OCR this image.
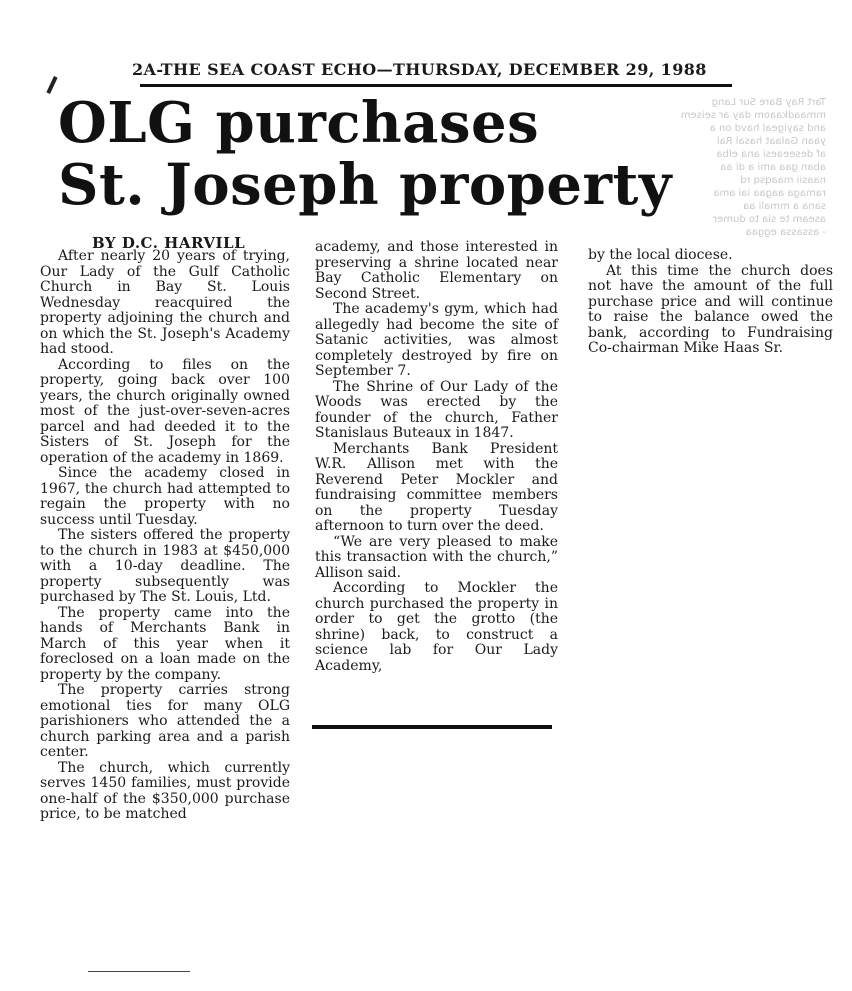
2A-THE SEA COAST ECHO—THURSDAY, DECEMBER 29, 1988
Tart Ray Bare Sur Lang
mmaadkaaom day ar seisem
and sayigeal havd on a
yaan Galaat hasal Ral
af deseeaesi ana elba
aban gaa ami a di aa
naasii maaqsq rd
ramaga aagaa iai ama
sana a mmali aa
aseam te sia to dumer
- assassa eggaa
OLG purchases
St. Joseph property
BY D.C. HARVILL

After nearly 20 years of trying, Our Lady of the Gulf Catholic Church in Bay St. Louis Wednesday reacquired the property adjoining the church and on which the St. Joseph's Academy had stood.

According to files on the property, going back over 100 years, the church originally owned most of the just-over-seven-acres parcel and had deeded it to the Sisters of St. Joseph for the operation of the academy in 1869.

Since the academy closed in 1967, the church had attempted to regain the property with no success until Tuesday.

The sisters offered the property to the church in 1983 at $450,000 with a 10-day deadline. The property subsequently was purchased by The St. Louis, Ltd.

The property came into the hands of Merchants Bank in March of this year when it foreclosed on a loan made on the property by the company.

The property carries strong emotional ties for many OLG parishioners who attended the a church parking area and a parish center.

The church, which currently serves 1450 families, must provide one-half of the $350,000 purchase price, to be matched

academy, and those interested in preserving a shrine located near Bay Catholic Elementary on Second Street.

The academy's gym, which had allegedly had become the site of Satanic activities, was almost completely destroyed by fire on September 7.

The Shrine of Our Lady of the Woods was erected by the founder of the church, Father Stanislaus Buteaux in 1847.

Merchants Bank President W.R. Allison met with the Reverend Peter Mockler and fundraising committee members on the property Tuesday afternoon to turn over the deed.

“We are very pleased to make this transaction with the church,” Allison said.

According to Mockler the church purchased the property in order to get the grotto (the shrine) back, to construct a science lab for Our Lady Academy,

by the local diocese.

At this time the church does not have the amount of the full purchase price and will continue to raise the balance owed the bank, according to Fundraising Co-chairman Mike Haas Sr.
